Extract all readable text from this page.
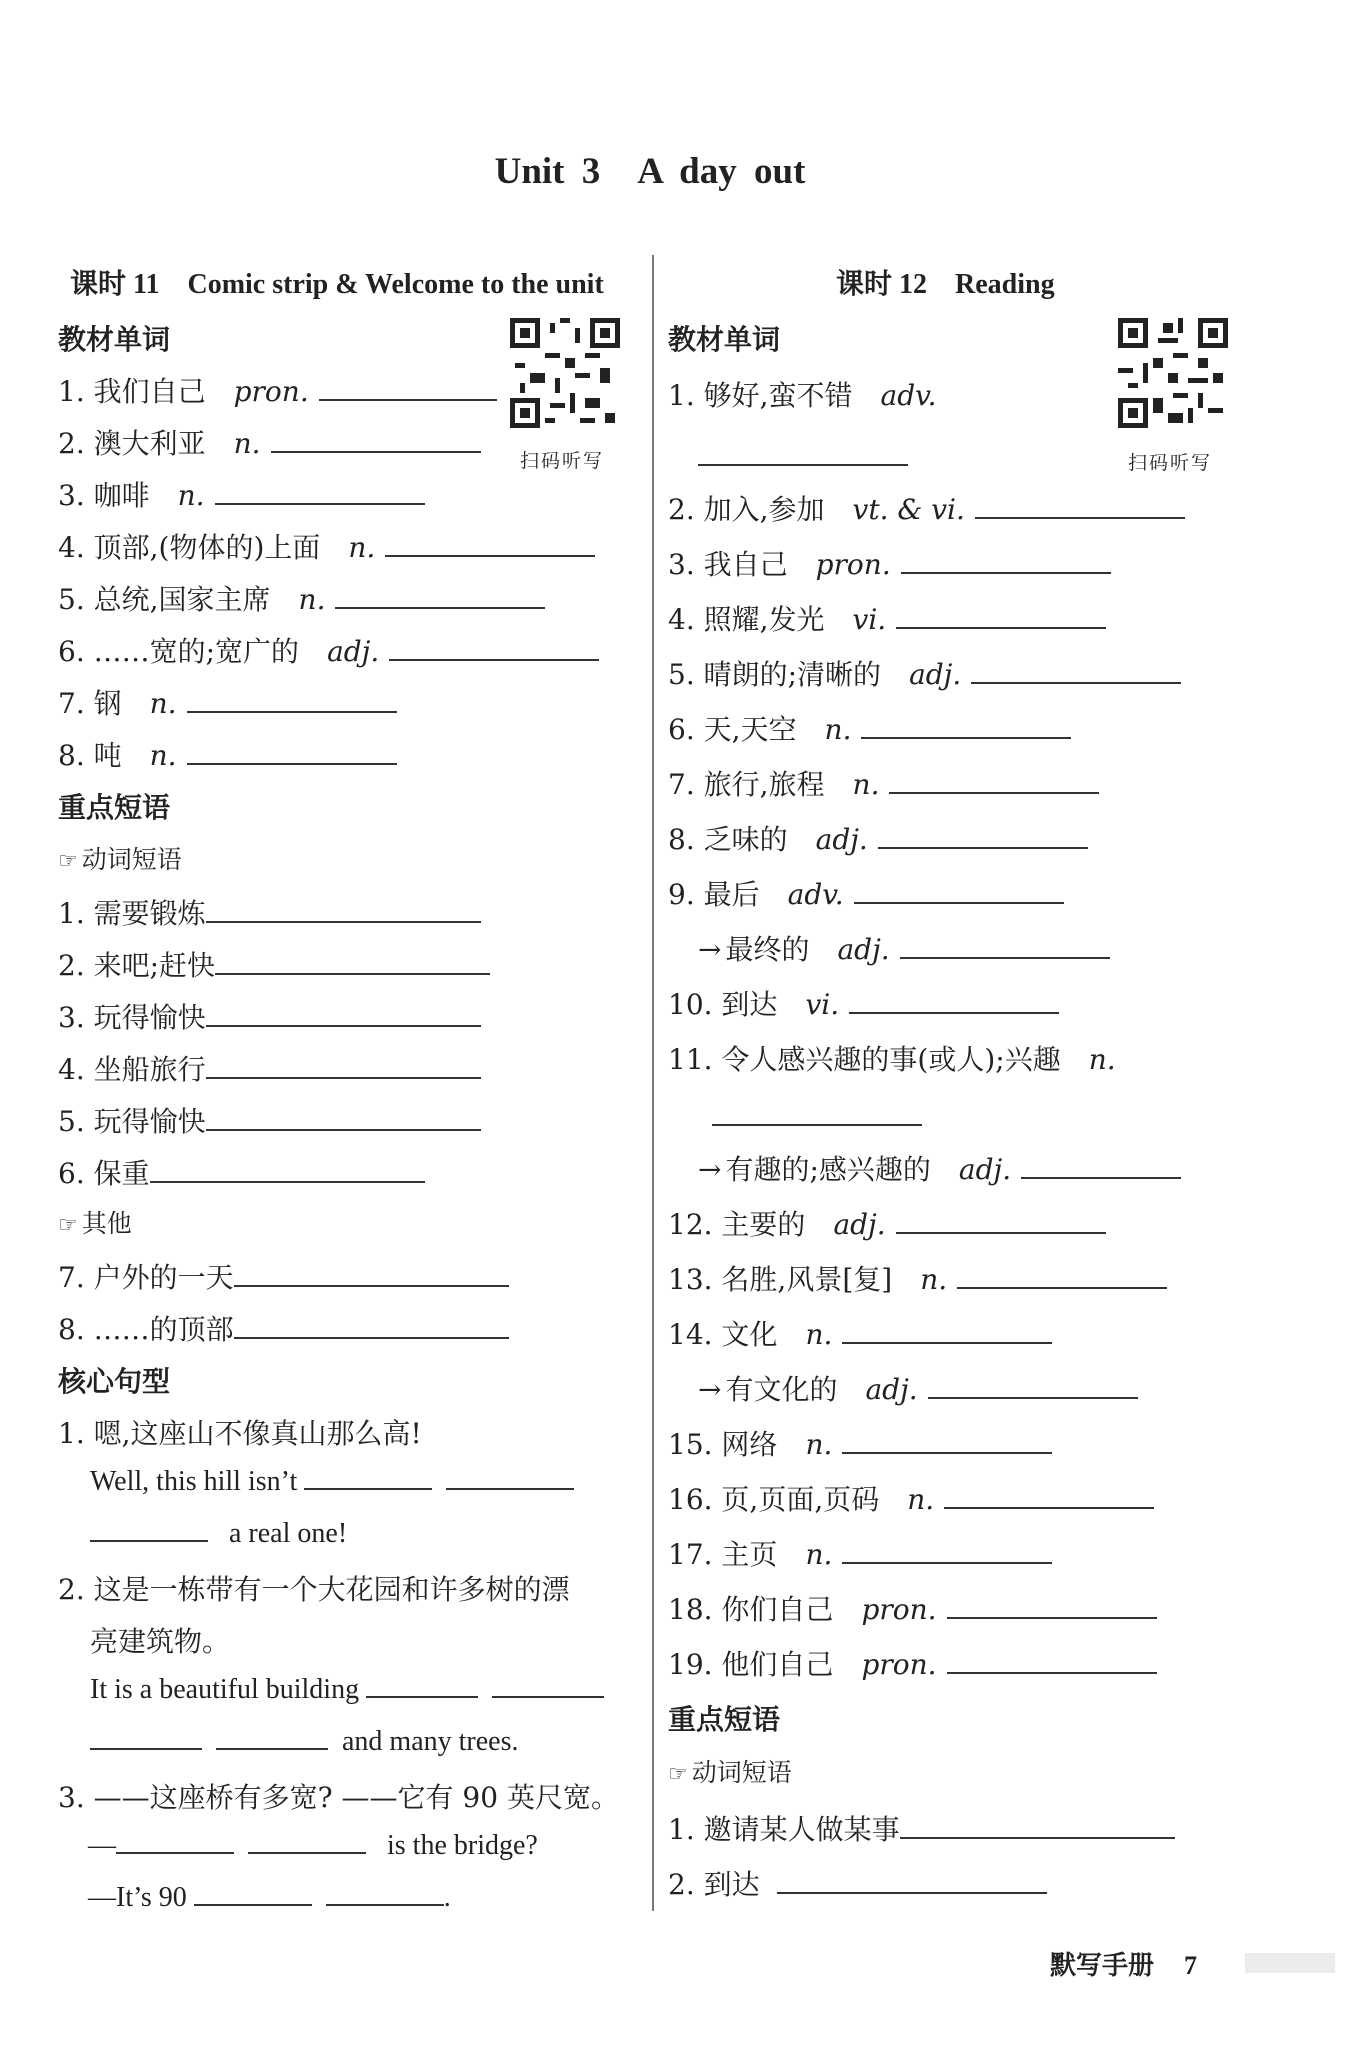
Unit 3　A day out
课时 11 Comic strip & Welcome to the unit
教材单词
扫码听写
1. 我们自己 pron.
2. 澳大利亚 n.
3. 咖啡 n.
4. 顶部,(物体的)上面 n.
5. 总统,国家主席 n.
6. ……宽的;宽广的 adj.
7. 钢 n.
8. 吨 n.
重点短语
☞ 动词短语
1. 需要锻炼
2. 来吧;赶快
3. 玩得愉快
4. 坐船旅行
5. 玩得愉快
6. 保重
☞ 其他
7. 户外的一天
8. ……的顶部
核心句型
1. 嗯,这座山不像真山那么高!
Well, this hill isn’t
a real one!
2. 这是一栋带有一个大花园和许多树的漂
亮建筑物。
It is a beautiful building
and many trees.
3. ——这座桥有多宽? ——它有 90 英尺宽。
—	is the bridge?
—It’s 90	.
课时 12 Reading
教材单词
扫码听写
1. 够好,蛮不错 adv.
2. 加入,参加 vt. & vi.
3. 我自己 pron.
4. 照耀,发光 vi.
5. 晴朗的;清晰的 adj.
6. 天,天空 n.
7. 旅行,旅程 n.
8. 乏味的 adj.
9. 最后 adv.
→ 最终的 adj.
10. 到达 vi.
11. 令人感兴趣的事(或人);兴趣 n.
→ 有趣的;感兴趣的 adj.
12. 主要的 adj.
13. 名胜,风景[复] n.
14. 文化 n.
→ 有文化的 adj.
15. 网络 n.
16. 页,页面,页码 n.
17. 主页 n.
18. 你们自己 pron.
19. 他们自己 pron.
重点短语
☞ 动词短语
1. 邀请某人做某事
2. 到达
默写手册 7
